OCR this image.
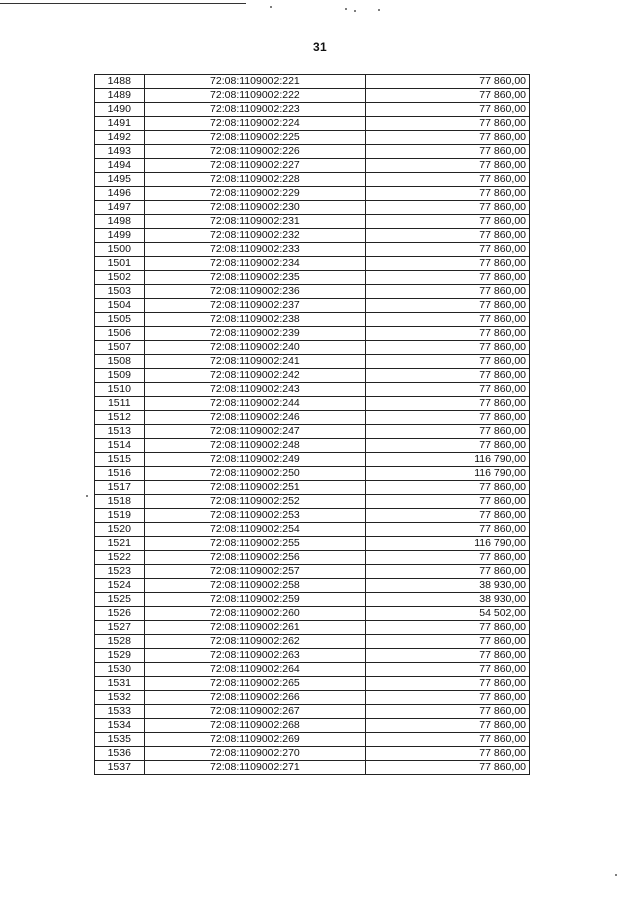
31
1488	72:08:1109002:221	77 860,00
1489	72:08:1109002:222	77 860,00
1490	72:08:1109002:223	77 860,00
1491	72:08:1109002:224	77 860,00
1492	72:08:1109002:225	77 860,00
1493	72:08:1109002:226	77 860,00
1494	72:08:1109002:227	77 860,00
1495	72:08:1109002:228	77 860,00
1496	72:08:1109002:229	77 860,00
1497	72:08:1109002:230	77 860,00
1498	72:08:1109002:231	77 860,00
1499	72:08:1109002:232	77 860,00
1500	72:08:1109002:233	77 860,00
1501	72:08:1109002:234	77 860,00
1502	72:08:1109002:235	77 860,00
1503	72:08:1109002:236	77 860,00
1504	72:08:1109002:237	77 860,00
1505	72:08:1109002:238	77 860,00
1506	72:08:1109002:239	77 860,00
1507	72:08:1109002:240	77 860,00
1508	72:08:1109002:241	77 860,00
1509	72:08:1109002:242	77 860,00
1510	72:08:1109002:243	77 860,00
1511	72:08:1109002:244	77 860,00
1512	72:08:1109002:246	77 860,00
1513	72:08:1109002:247	77 860,00
1514	72:08:1109002:248	77 860,00
1515	72:08:1109002:249	116 790,00
1516	72:08:1109002:250	116 790,00
1517	72:08:1109002:251	77 860,00
1518	72:08:1109002:252	77 860,00
1519	72:08:1109002:253	77 860,00
1520	72:08:1109002:254	77 860,00
1521	72:08:1109002:255	116 790,00
1522	72:08:1109002:256	77 860,00
1523	72:08:1109002:257	77 860,00
1524	72:08:1109002:258	38 930,00
1525	72:08:1109002:259	38 930,00
1526	72:08:1109002:260	54 502,00
1527	72:08:1109002:261	77 860,00
1528	72:08:1109002:262	77 860,00
1529	72:08:1109002:263	77 860,00
1530	72:08:1109002:264	77 860,00
1531	72:08:1109002:265	77 860,00
1532	72:08:1109002:266	77 860,00
1533	72:08:1109002:267	77 860,00
1534	72:08:1109002:268	77 860,00
1535	72:08:1109002:269	77 860,00
1536	72:08:1109002:270	77 860,00
1537	72:08:1109002:271	77 860,00
